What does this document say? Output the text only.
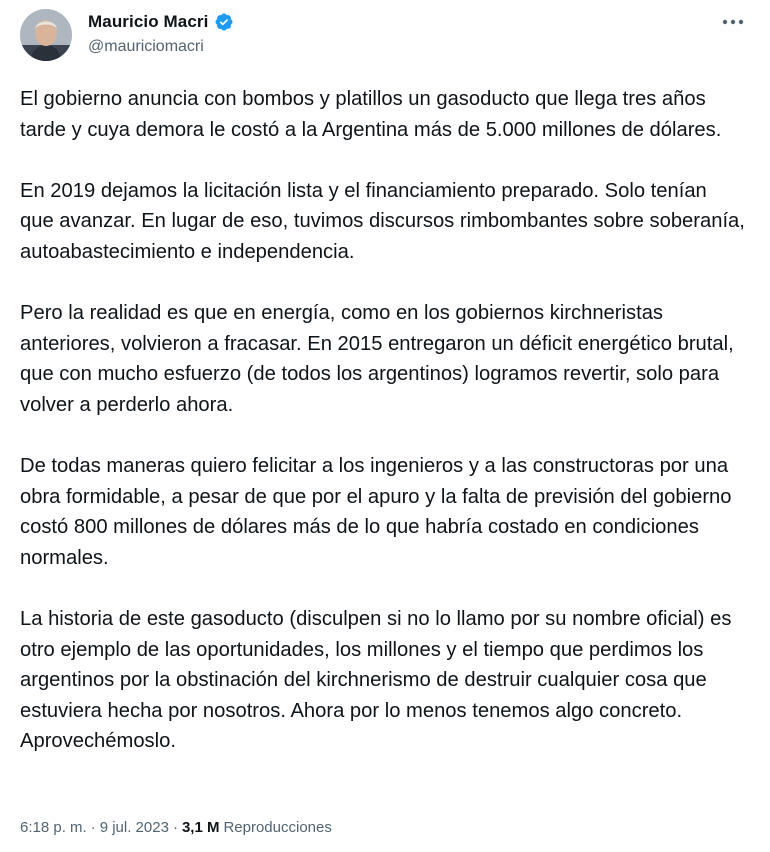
Mauricio Macri
@mauriciomacri

El gobierno anuncia con bombos y platillos un gasoducto que llega tres años tarde y cuya demora le costó a la Argentina más de 5.000 millones de dólares.

En 2019 dejamos la licitación lista y el financiamiento preparado. Solo tenían que avanzar. En lugar de eso, tuvimos discursos rimbombantes sobre soberanía, autoabastecimiento e independencia.

Pero la realidad es que en energía, como en los gobiernos kirchneristas anteriores, volvieron a fracasar. En 2015 entregaron un déficit energético brutal, que con mucho esfuerzo (de todos los argentinos) logramos revertir, solo para volver a perderlo ahora.

De todas maneras quiero felicitar a los ingenieros y a las constructoras por una obra formidable, a pesar de que por el apuro y la falta de previsión del gobierno costó 800 millones de dólares más de lo que habría costado en condiciones normales.

La historia de este gasoducto (disculpen si no lo llamo por su nombre oficial) es otro ejemplo de las oportunidades, los millones y el tiempo que perdimos los argentinos por la obstinación del kirchnerismo de destruir cualquier cosa que estuviera hecha por nosotros. Ahora por lo menos tenemos algo concreto. Aprovechémoslo.

6:18 p. m. · 9 jul. 2023 · 3,1 M Reproducciones
